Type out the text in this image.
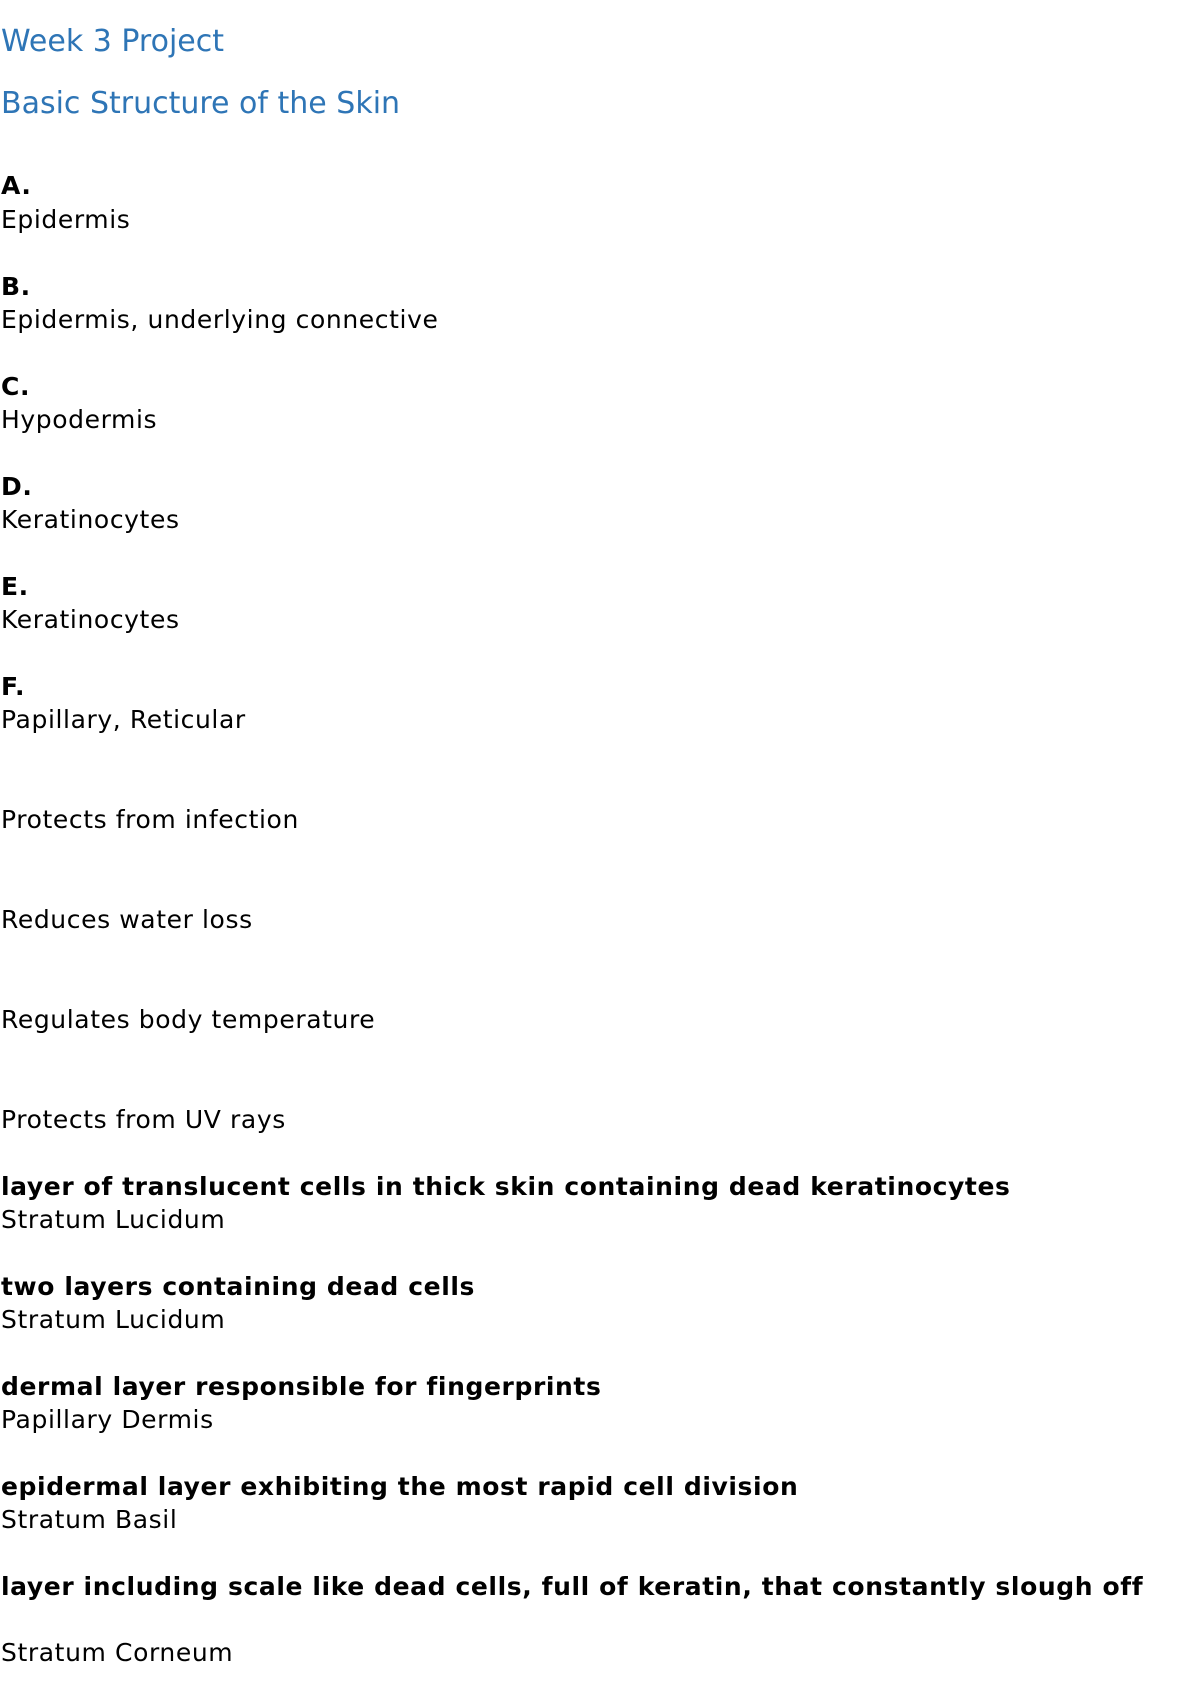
Week 3 Project
Basic Structure of the Skin
A.
Epidermis
B.
Epidermis, underlying connective
C.
Hypodermis
D.
Keratinocytes
E.
Keratinocytes
F.
Papillary, Reticular
Protects from infection
Reduces water loss
Regulates body temperature
Protects from UV rays
layer of translucent cells in thick skin containing dead keratinocytes
Stratum Lucidum
two layers containing dead cells
Stratum Lucidum
dermal layer responsible for fingerprints
Papillary Dermis
epidermal layer exhibiting the most rapid cell division
Stratum Basil
layer including scale like dead cells, full of keratin, that constantly slough off
Stratum Corneum
